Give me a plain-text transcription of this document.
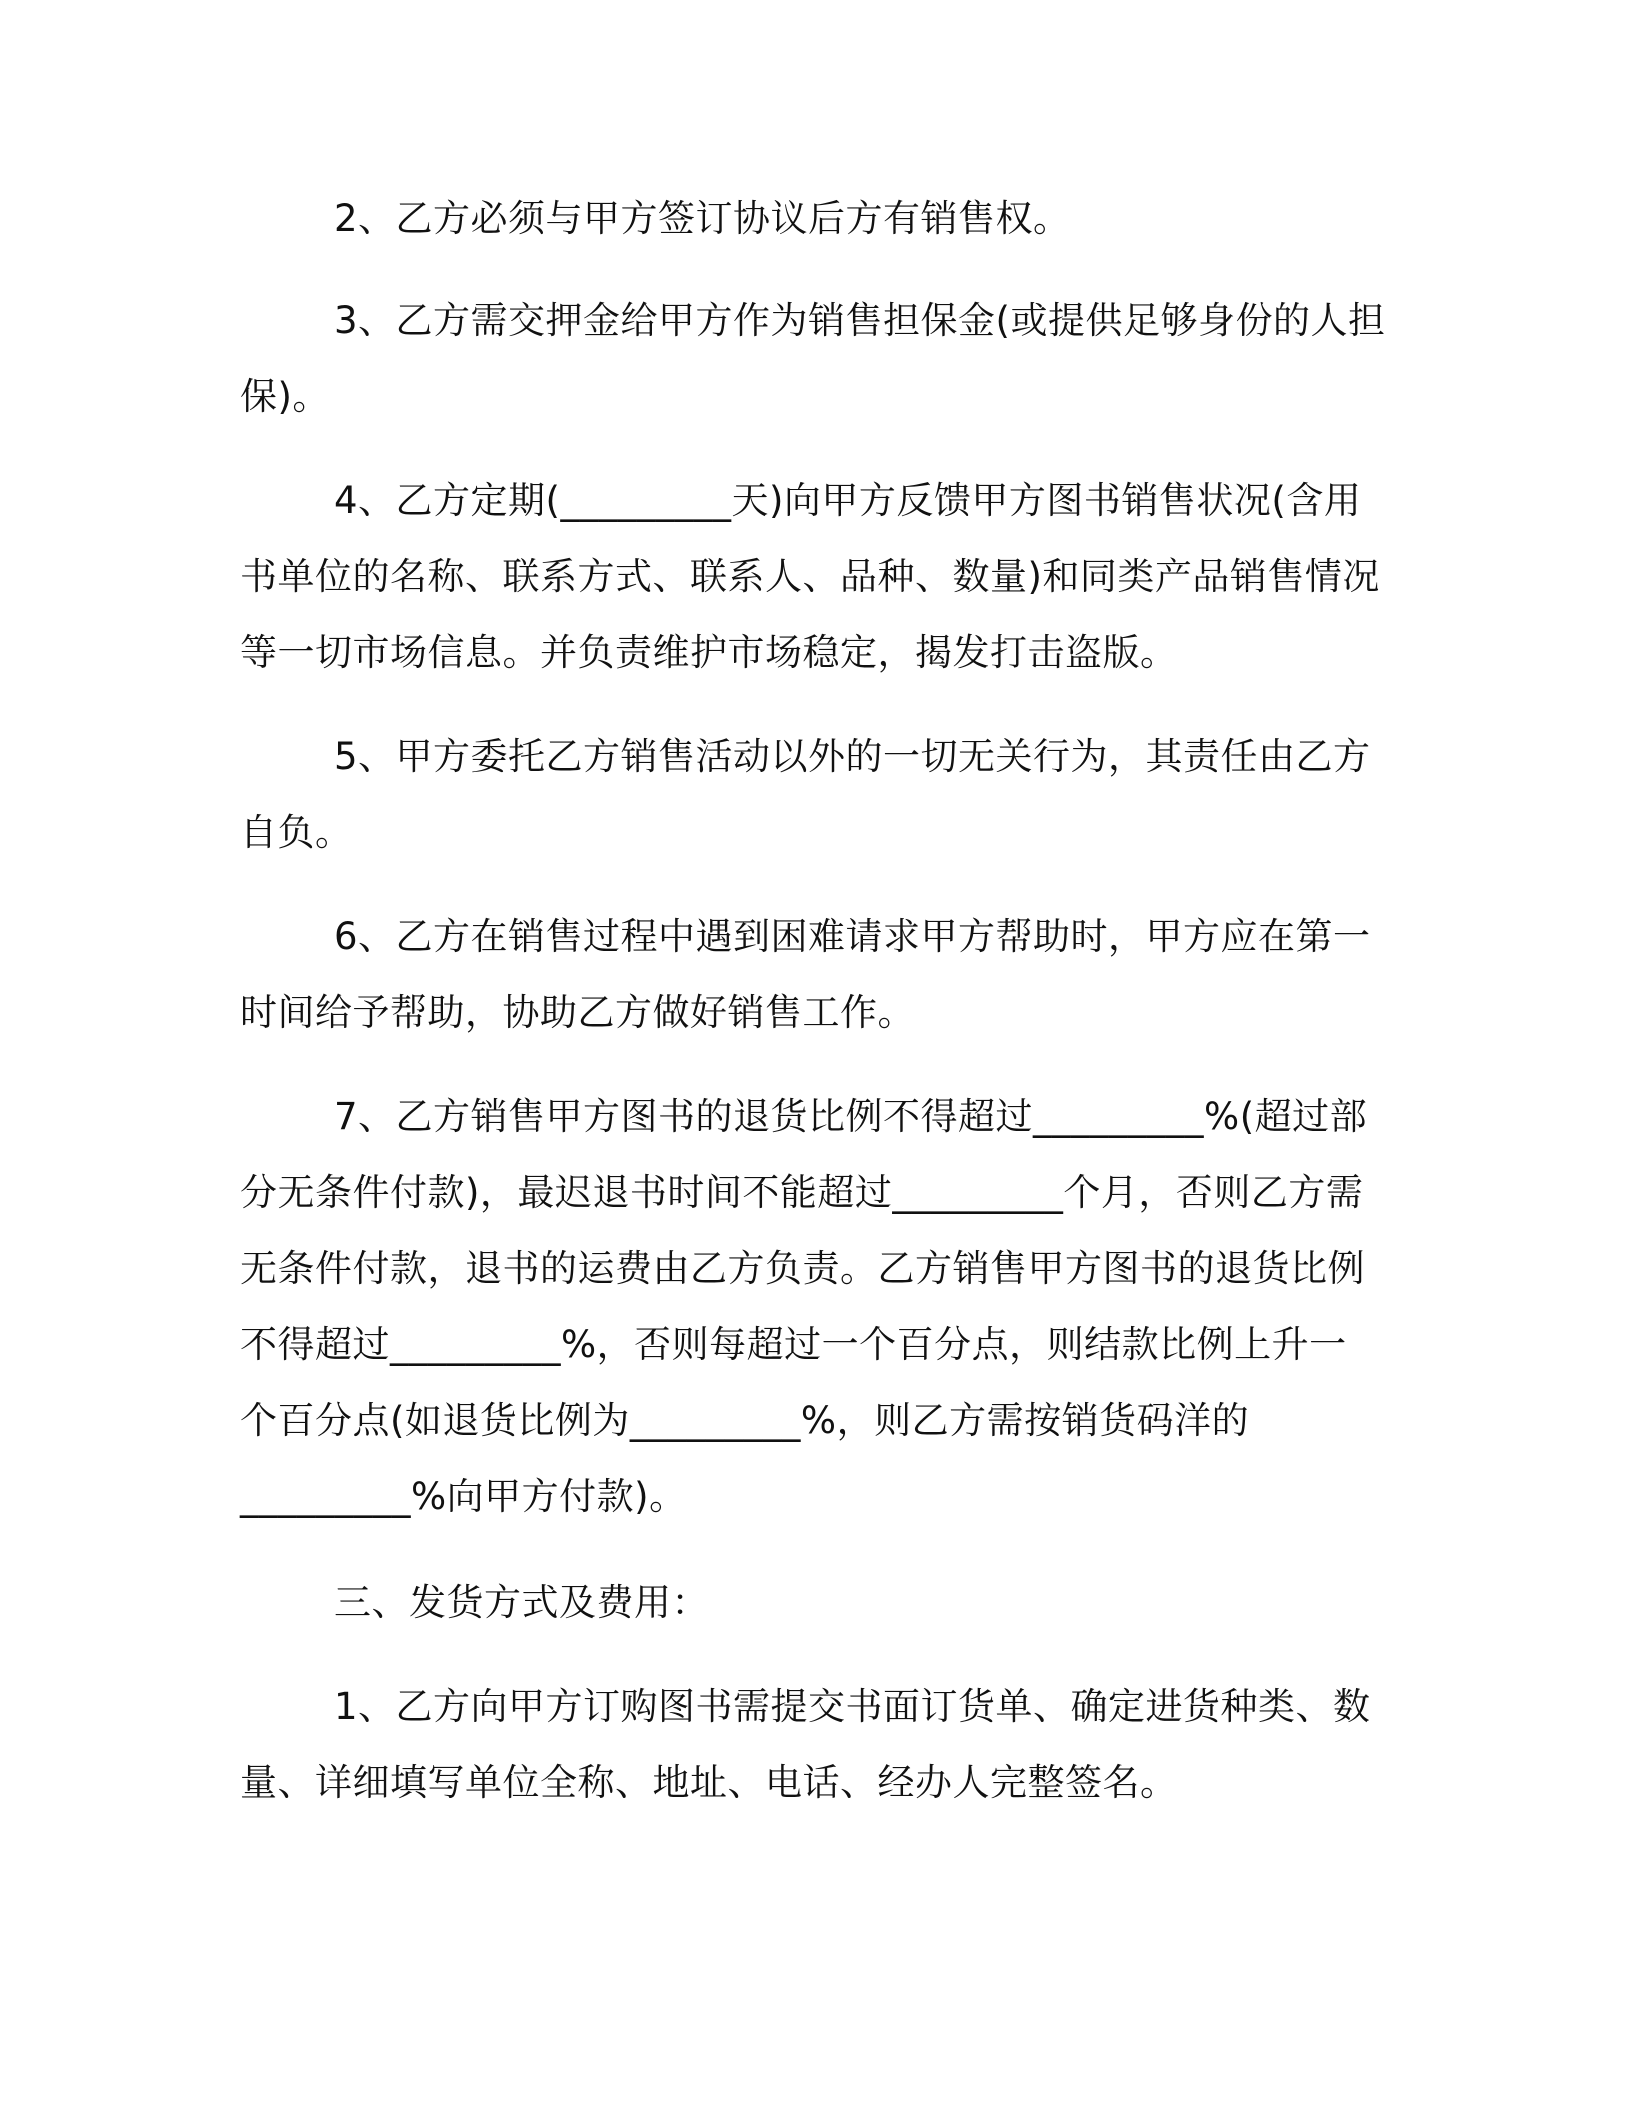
2、乙方必须与甲方签订协议后方有销售权。
3、乙方需交押金给甲方作为销售担保金(或提供足够身份的人担
保)。
4、乙方定期(_________天)向甲方反馈甲方图书销售状况(含用
书单位的名称、联系方式、联系人、品种、数量)和同类产品销售情况
等一切市场信息。并负责维护市场稳定，揭发打击盗版。
5、甲方委托乙方销售活动以外的一切无关行为，其责任由乙方
自负。
6、乙方在销售过程中遇到困难请求甲方帮助时，甲方应在第一
时间给予帮助，协助乙方做好销售工作。
7、乙方销售甲方图书的退货比例不得超过_________%(超过部
分无条件付款)，最迟退书时间不能超过_________个月，否则乙方需
无条件付款，退书的运费由乙方负责。乙方销售甲方图书的退货比例
不得超过_________%，否则每超过一个百分点，则结款比例上升一
个百分点(如退货比例为_________%，则乙方需按销货码洋的
_________%向甲方付款)。
三、发货方式及费用：
1、乙方向甲方订购图书需提交书面订货单、确定进货种类、数
量、详细填写单位全称、地址、电话、经办人完整签名。
